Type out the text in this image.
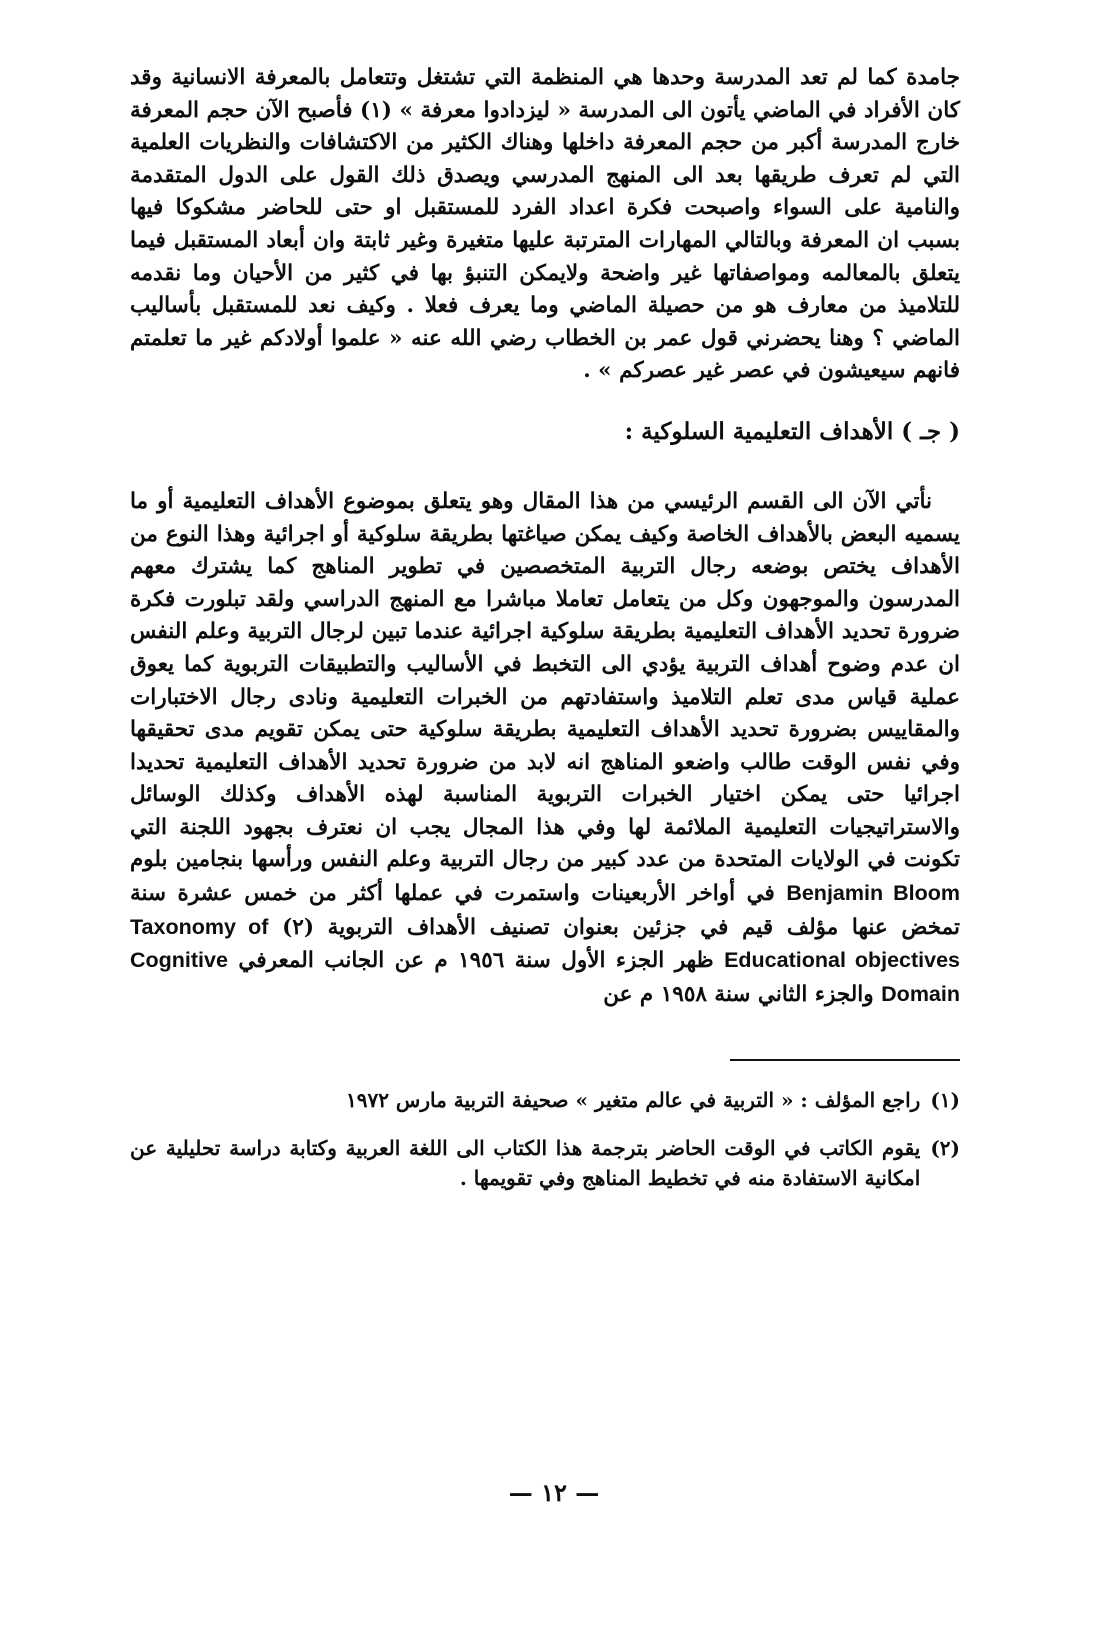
جامدة كما لم تعد المدرسة وحدها هي المنظمة التي تشتغل وتتعامل بالمعرفة الانسانية وقد كان الأفراد في الماضي يأتون الى المدرسة « ليزدادوا معرفة » (١) فأصبح الآن حجم المعرفة خارج المدرسة أكبر من حجم المعرفة داخلها وهناك الكثير من الاكتشافات والنظريات العلمية التي لم تعرف طريقها بعد الى المنهج المدرسي ويصدق ذلك القول على الدول المتقدمة والنامية على السواء واصبحت فكرة اعداد الفرد للمستقبل او حتى للحاضر مشكوكا فيها بسبب ان المعرفة وبالتالي المهارات المترتبة عليها متغيرة وغير ثابتة وان أبعاد المستقبل فيما يتعلق بالمعالمه ومواصفاتها غير واضحة ولايمكن التنبؤ بها في كثير من الأحيان وما نقدمه للتلاميذ من معارف هو من حصيلة الماضي وما يعرف فعلا . وكيف نعد للمستقبل بأساليب الماضي ؟ وهنا يحضرني قول عمر بن الخطاب رضي الله عنه « علموا أولادكم غير ما تعلمتم فانهم سيعيشون في عصر غير عصركم » .

( جـ ) الأهداف التعليمية السلوكية :

نأتي الآن الى القسم الرئيسي من هذا المقال وهو يتعلق بموضوع الأهداف التعليمية أو ما يسميه البعض بالأهداف الخاصة وكيف يمكن صياغتها بطريقة سلوكية أو اجرائية وهذا النوع من الأهداف يختص بوضعه رجال التربية المتخصصين في تطوير المناهج كما يشترك معهم المدرسون والموجهون وكل من يتعامل تعاملا مباشرا مع المنهج الدراسي ولقد تبلورت فكرة ضرورة تحديد الأهداف التعليمية بطريقة سلوكية اجرائية عندما تبين لرجال التربية وعلم النفس ان عدم وضوح أهداف التربية يؤدي الى التخبط في الأساليب والتطبيقات التربوية كما يعوق عملية قياس مدى تعلم التلاميذ واستفادتهم من الخبرات التعليمية ونادى رجال الاختبارات والمقاييس بضرورة تحديد الأهداف التعليمية بطريقة سلوكية حتى يمكن تقويم مدى تحقيقها وفي نفس الوقت طالب واضعو المناهج انه لابد من ضرورة تحديد الأهداف التعليمية تحديدا اجرائيا حتى يمكن اختيار الخبرات التربوية المناسبة لهذه الأهداف وكذلك الوسائل والاستراتيجيات التعليمية الملائمة لها وفي هذا المجال يجب ان نعترف بجهود اللجنة التي تكونت في الولايات المتحدة من عدد كبير من رجال التربية وعلم النفس ورأسها بنجامين بلوم Benjamin Bloom في أواخر الأربعينات واستمرت في عملها أكثر من خمس عشرة سنة تمخض عنها مؤلف قيم في جزئين بعنوان تصنيف الأهداف التربوية (٢) Taxonomy of Educational objectives ظهر الجزء الأول سنة ١٩٥٦ م عن الجانب المعرفي Cognitive Domain والجزء الثاني سنة ١٩٥٨ م عن

(١)
راجع المؤلف : « التربية في عالم متغير » صحيفة التربية مارس ١٩٧٢
(٢)
يقوم الكاتب في الوقت الحاضر بترجمة هذا الكتاب الى اللغة العربية وكتابة دراسة تحليلية عن امكانية الاستفادة منه في تخطيط المناهج وفي تقويمها .
— ١٢ —
